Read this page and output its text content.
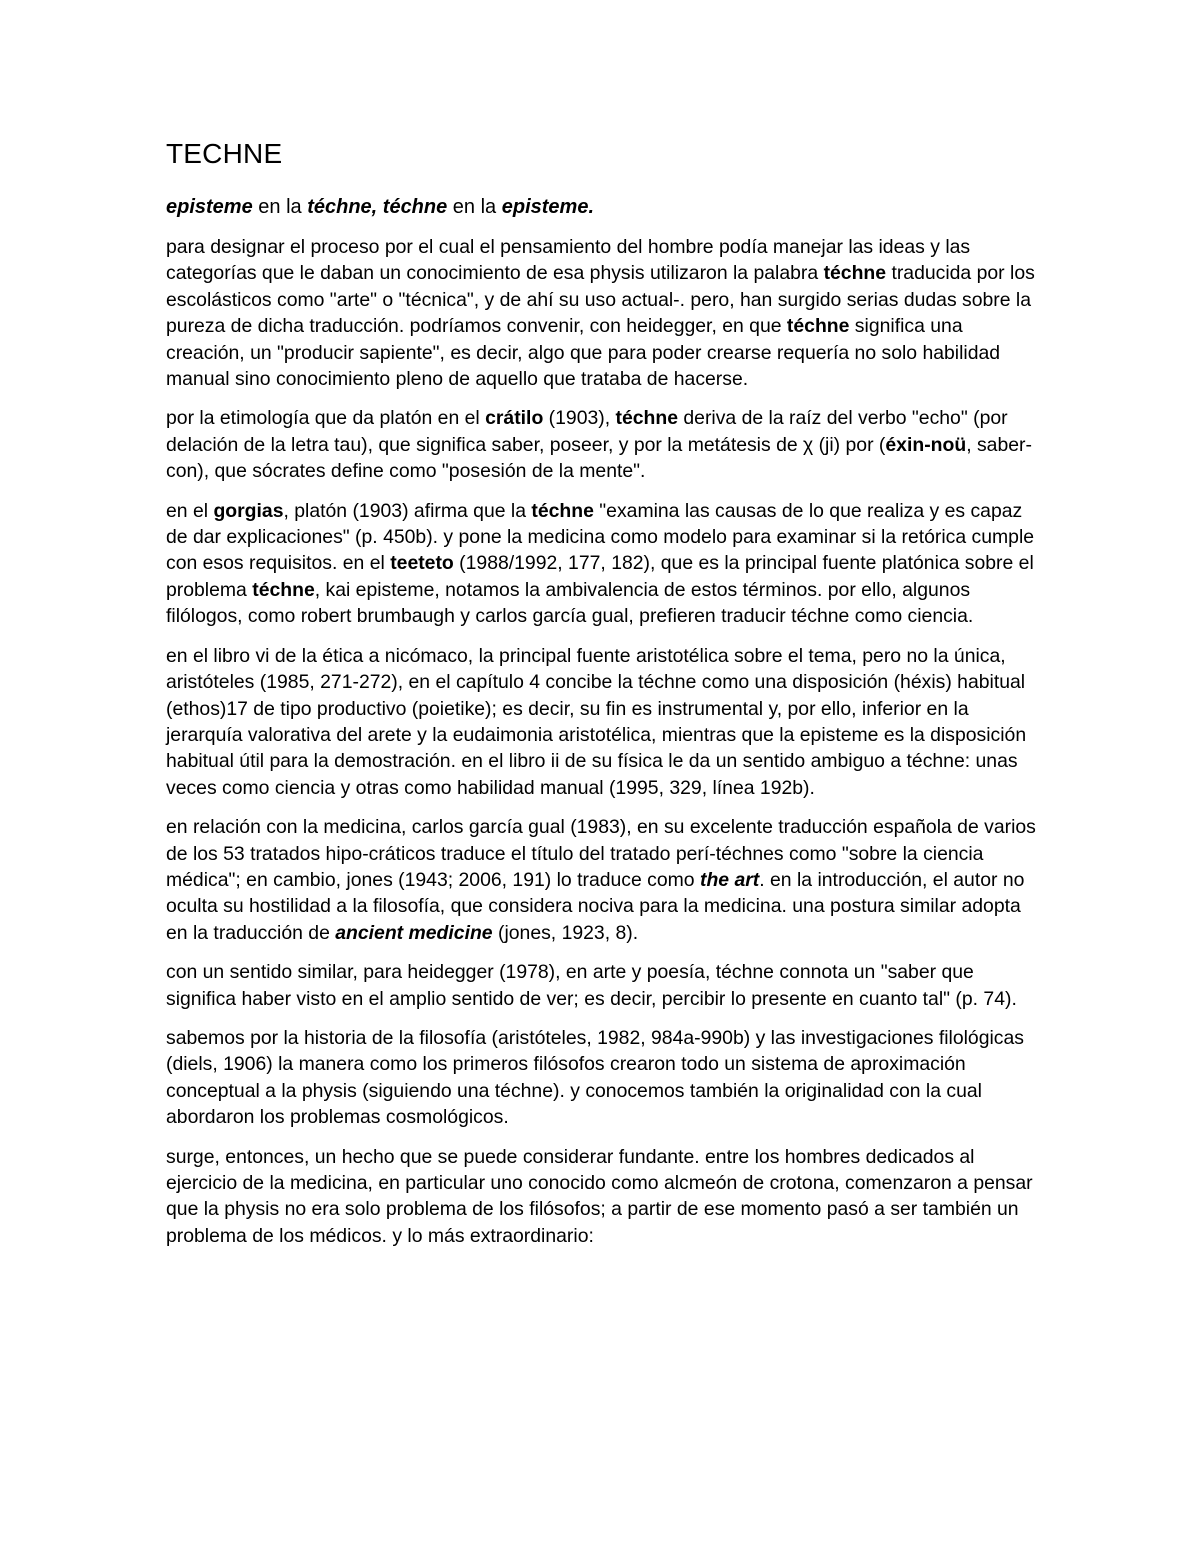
TECHNE
episteme en la téchne, téchne en la episteme.

para designar el proceso por el cual el pensamiento del hombre podía manejar las ideas y las categorías que le daban un conocimiento de esa physis utilizaron la palabra téchne traducida por los escolásticos como "arte" o "técnica", y de ahí su uso actual-. pero, han surgido serias dudas sobre la pureza de dicha traducción. podríamos convenir, con heidegger, en que téchne significa una creación, un "producir sapiente", es decir, algo que para poder crearse requería no solo habilidad manual sino conocimiento pleno de aquello que trataba de hacerse.

por la etimología que da platón en el crátilo (1903), téchne deriva de la raíz del verbo "echo" (por delación de la letra tau), que significa saber, poseer, y por la metátesis de χ (ji) por (éxin-noü, saber-con), que sócrates define como "posesión de la mente".

en el gorgias, platón (1903) afirma que la téchne "examina las causas de lo que realiza y es capaz de dar explicaciones" (p. 450b). y pone la medicina como modelo para examinar si la retórica cumple con esos requisitos. en el teeteto (1988/1992, 177, 182), que es la principal fuente platónica sobre el problema téchne, kai episteme, notamos la ambivalencia de estos términos. por ello, algunos filólogos, como robert brumbaugh y carlos garcía gual, prefieren traducir téchne como ciencia.

en el libro vi de la ética a nicómaco, la principal fuente aristotélica sobre el tema, pero no la única, aristóteles (1985, 271-272), en el capítulo 4 concibe la téchne como una disposición (héxis) habitual (ethos)17 de tipo productivo (poietike); es decir, su fin es instrumental y, por ello, inferior en la jerarquía valorativa del arete y la eudaimonia aristotélica, mientras que la episteme es la disposición habitual útil para la demostración. en el libro ii de su física le da un sentido ambiguo a téchne: unas veces como ciencia y otras como habilidad manual (1995, 329, línea 192b).

en relación con la medicina, carlos garcía gual (1983), en su excelente traducción española de varios de los 53 tratados hipo-cráticos traduce el título del tratado perí-téchnes como "sobre la ciencia médica"; en cambio, jones (1943; 2006, 191) lo traduce como the art. en la introducción, el autor no oculta su hostilidad a la filosofía, que considera nociva para la medicina. una postura similar adopta en la traducción de ancient medicine (jones, 1923, 8).

con un sentido similar, para heidegger (1978), en arte y poesía, téchne connota un "saber que significa haber visto en el amplio sentido de ver; es decir, percibir lo presente en cuanto tal" (p. 74).

sabemos por la historia de la filosofía (aristóteles, 1982, 984a-990b) y las investigaciones filológicas (diels, 1906) la manera como los primeros filósofos crearon todo un sistema de aproximación conceptual a la physis (siguiendo una téchne). y conocemos también la originalidad con la cual abordaron los problemas cosmológicos.

surge, entonces, un hecho que se puede considerar fundante. entre los hombres dedicados al ejercicio de la medicina, en particular uno conocido como alcmeón de crotona, comenzaron a pensar que la physis no era solo problema de los filósofos; a partir de ese momento pasó a ser también un problema de los médicos. y lo más extraordinario:
